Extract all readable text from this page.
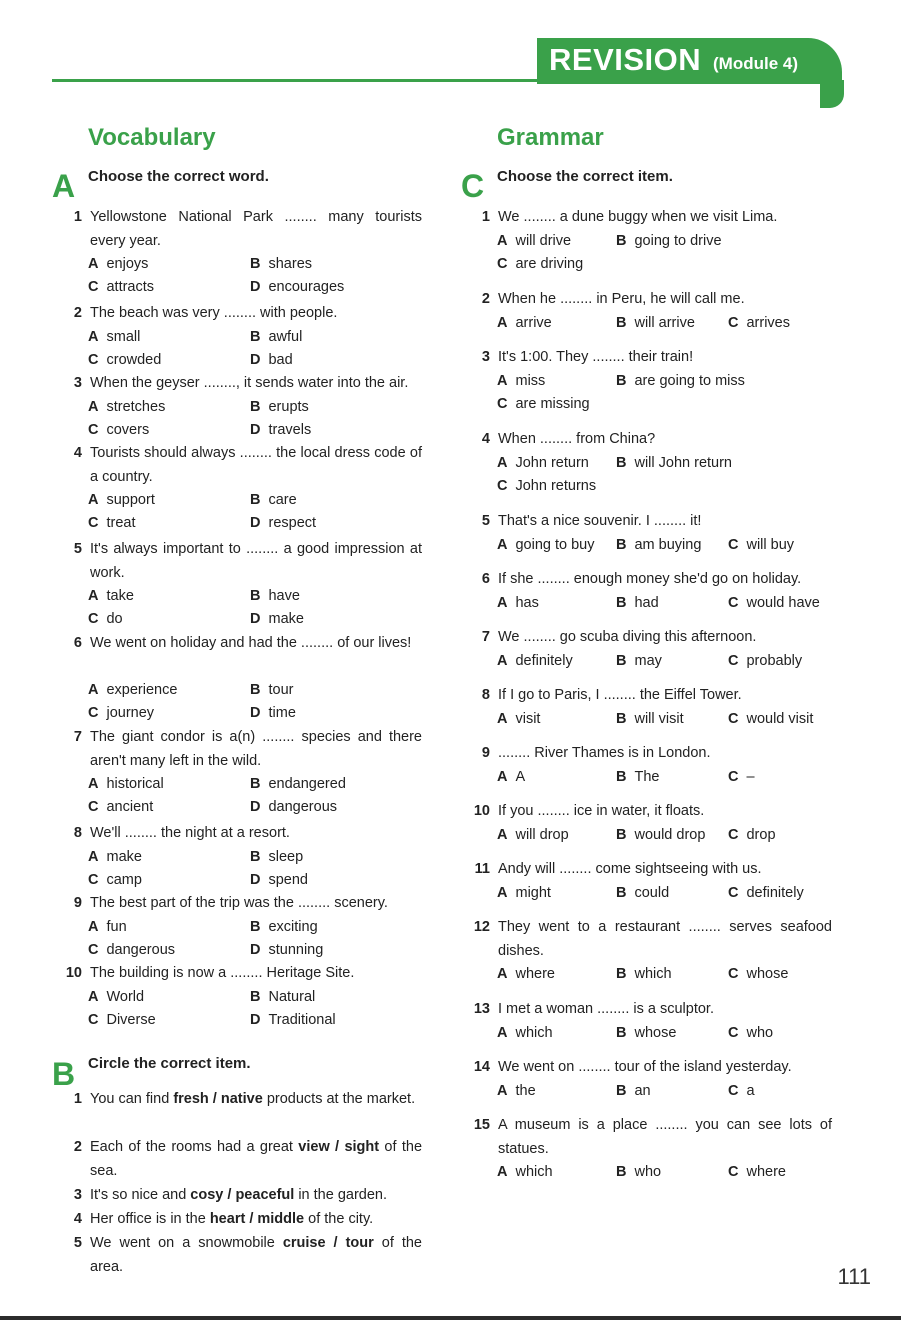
REVISION (Module 4)
Vocabulary	Grammar
A Choose the correct word.	C Choose the correct item.
B Circle the correct item.
1 Yellowstone National Park ........ many tourists every year.
A enjoys	B shares
C attracts	D encourages
2 The beach was very ........ with people.
A small	B awful
C crowded	D bad
3 When the geyser ........, it sends water into the air.
A stretches	B erupts
C covers	D travels
4 Tourists should always ........ the local dress code of a country.
A support	B care
C treat	D respect
5 It's always important to ........ a good impression at work.
A take	B have
C do	D make
6 We went on holiday and had the ........ of our lives!
A experience	B tour
C journey	D time
7 The giant condor is a(n) ........ species and there aren't many left in the wild.
A historical	B endangered
C ancient	D dangerous
8 We'll ........ the night at a resort.
A make	B sleep
C camp	D spend
9 The best part of the trip was the ........ scenery.
A fun	B exciting
C dangerous	D stunning
10 The building is now a ........ Heritage Site.
A World	B Natural
C Diverse	D Traditional
1 You can find fresh / native products at the market.
2 Each of the rooms had a great view / sight of the sea.
3 It's so nice and cosy / peaceful in the garden.
4 Her office is in the heart / middle of the city.
5 We went on a snowmobile cruise / tour of the area.
1 We ........ a dune buggy when we visit Lima.
A will drive	B going to drive
C are driving
2 When he ........ in Peru, he will call me.
A arrive	B will arrive C arrives
3 It's 1:00. They ........ their train!
A miss	B are going to miss
C are missing
4 When ........ from China?
A John return B will John return
C John returns
5 That's a nice souvenir. I ........ it!
A going to buy B am buying C will buy
6 If she ........ enough money she'd go on holiday.
A has	B had	C would have
7 We ........ go scuba diving this afternoon.
A definitely	B may	C probably
8 If I go to Paris, I ........ the Eiffel Tower.
A visit	B will visit	C would visit
9 ........ River Thames is in London.
A A	B The	C –
10 If you ........ ice in water, it floats.
A will drop	B would drop C drop
11 Andy will ........ come sightseeing with us.
A might	B could	C definitely
12 They went to a restaurant ........ serves seafood dishes.
A where	B which	C whose
13 I met a woman ........ is a sculptor.
A which	B whose	C who
14 We went on ........ tour of the island yesterday.
A the	B an	C a
15 A museum is a place ........ you can see lots of statues.
A which	B who	C where
111
